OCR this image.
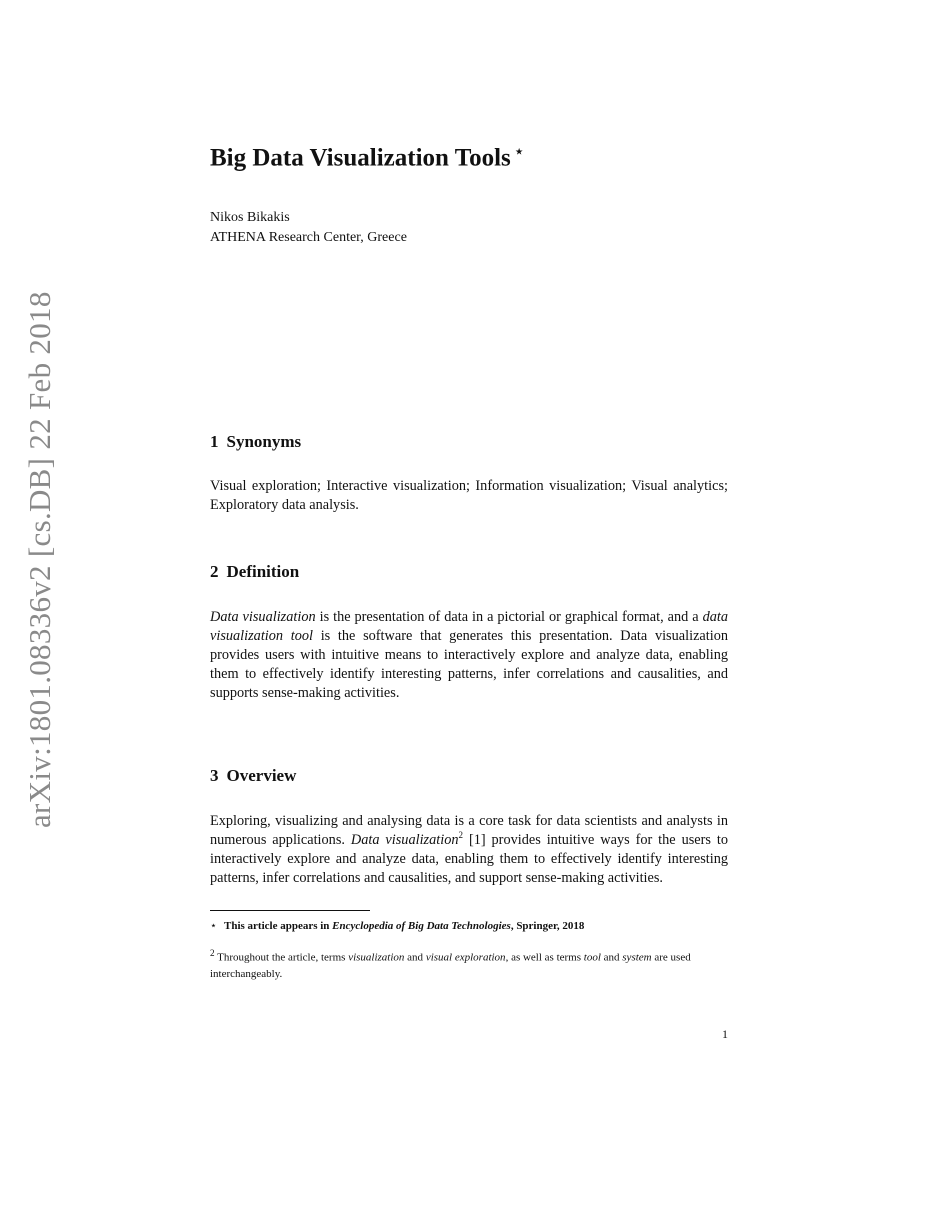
arXiv:1801.08336v2 [cs.DB] 22 Feb 2018
Big Data Visualization Tools ⋆
Nikos Bikakis
ATHENA Research Center, Greece
1 Synonyms

Visual exploration; Interactive visualization; Information visualization; Visual analytics; Exploratory data analysis.

2 Definition

Data visualization is the presentation of data in a pictorial or graphical format, and a data visualization tool is the software that generates this presentation. Data visualization provides users with intuitive means to interactively explore and analyze data, enabling them to effectively identify interesting patterns, infer correlations and causalities, and supports sense-making activities.

3 Overview

Exploring, visualizing and analysing data is a core task for data scientists and analysts in numerous applications. Data visualization$^2$ [1] provides intuitive ways for the users to interactively explore and analyze data, enabling them to effectively identify interesting patterns, infer correlations and causalities, and support sense-making activities.

⋆ This article appears in Encyclopedia of Big Data Technologies, Springer, 2018

$^2$ Throughout the article, terms visualization and visual exploration, as well as terms tool and system are used interchangeably.

1
